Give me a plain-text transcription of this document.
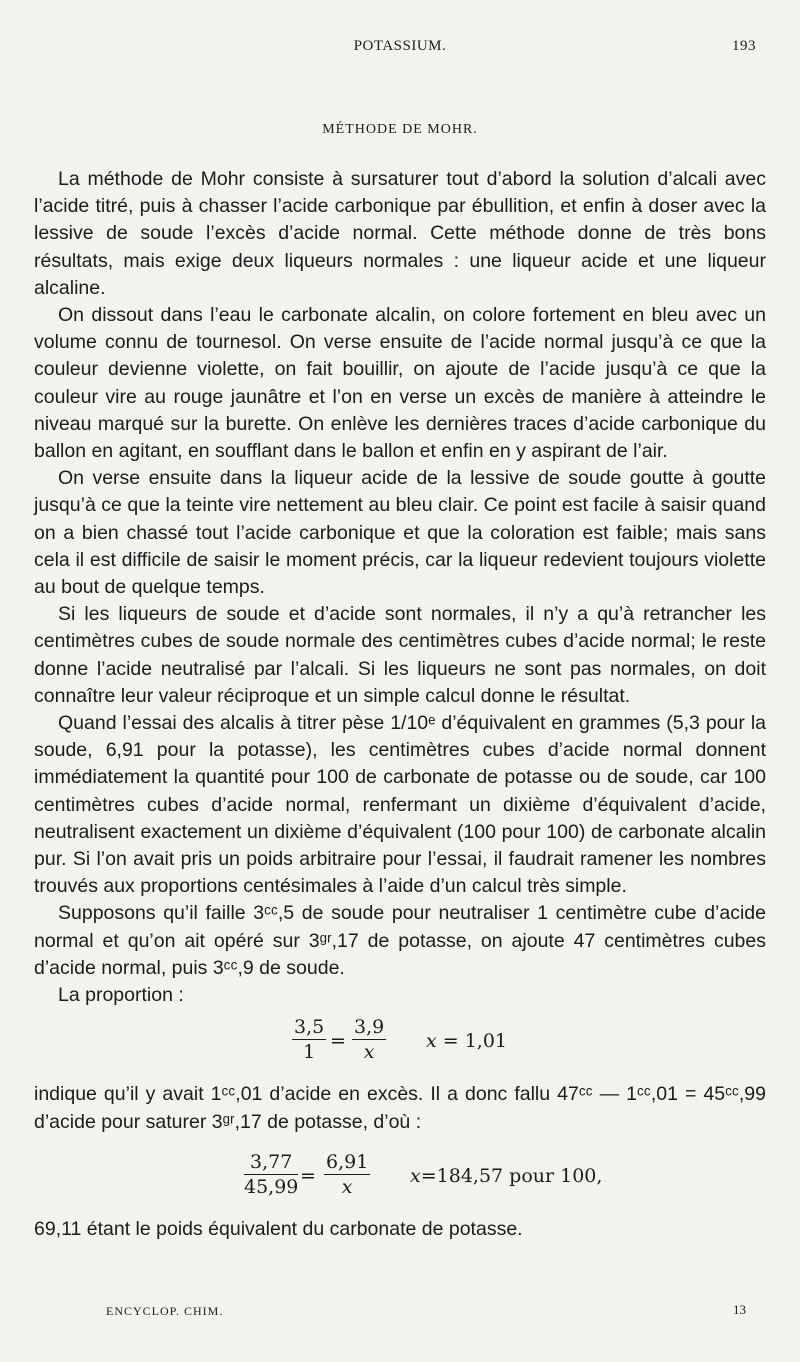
POTASSIUM.	193
MÉTHODE DE MOHR.

La méthode de Mohr consiste à sursaturer tout d’abord la solution d’alcali avec l’acide titré, puis à chasser l’acide carbonique par ébullition, et enfin à doser avec la lessive de soude l’excès d’acide normal. Cette méthode donne de très bons résultats, mais exige deux liqueurs normales : une liqueur acide et une liqueur alcaline.

On dissout dans l’eau le carbonate alcalin, on colore fortement en bleu avec un volume connu de tournesol. On verse ensuite de l’acide normal jusqu’à ce que la couleur devienne violette, on fait bouillir, on ajoute de l’acide jusqu’à ce que la couleur vire au rouge jaunâtre et l’on en verse un excès de manière à atteindre le niveau marqué sur la burette. On enlève les dernières traces d’acide carbonique du ballon en agitant, en soufflant dans le ballon et enfin en y aspirant de l’air.

On verse ensuite dans la liqueur acide de la lessive de soude goutte à goutte jusqu’à ce que la teinte vire nettement au bleu clair. Ce point est facile à saisir quand on a bien chassé tout l’acide carbonique et que la coloration est faible; mais sans cela il est difficile de saisir le moment précis, car la liqueur redevient toujours violette au bout de quelque temps.

Si les liqueurs de soude et d’acide sont normales, il n’y a qu’à retrancher les centimètres cubes de soude normale des centimètres cubes d’acide normal; le reste donne l’acide neutralisé par l’alcali. Si les liqueurs ne sont pas normales, on doit connaître leur valeur réciproque et un simple calcul donne le résultat.

Quand l’essai des alcalis à titrer pèse 1/10ᵉ d’équivalent en grammes (5,3 pour la soude, 6,91 pour la potasse), les centimètres cubes d’acide normal donnent immédiatement la quantité pour 100 de carbonate de potasse ou de soude, car 100 centimètres cubes d’acide normal, renfermant un dixième d’équivalent d’acide, neutralisent exactement un dixième d’équivalent (100 pour 100) de carbonate alcalin pur. Si l’on avait pris un poids arbitraire pour l’essai, il faudrait ramener les nombres trouvés aux proportions centésimales à l’aide d’un calcul très simple.

Supposons qu’il faille 3ᶜᶜ,5 de soude pour neutraliser 1 centimètre cube d’acide normal et qu’on ait opéré sur 3ᵍʳ,17 de potasse, on ajoute 47 centimètres cubes d’acide normal, puis 3ᶜᶜ,9 de soude.

La proportion :

$\frac{3,5}{1} = \frac{3,9}{x}$ x = 1,01

indique qu’il y avait 1ᶜᶜ,01 d’acide en excès. Il a donc fallu 47ᶜᶜ — 1ᶜᶜ,01 = 45ᶜᶜ,99 d’acide pour saturer 3ᵍʳ,17 de potasse, d’où :

$\frac{3,77}{45,99} = \frac{6,91}{x} x=184,57$ pour 100,

69,11 étant le poids équivalent du carbonate de potasse.

ENCYCLOP. CHIM.	13
